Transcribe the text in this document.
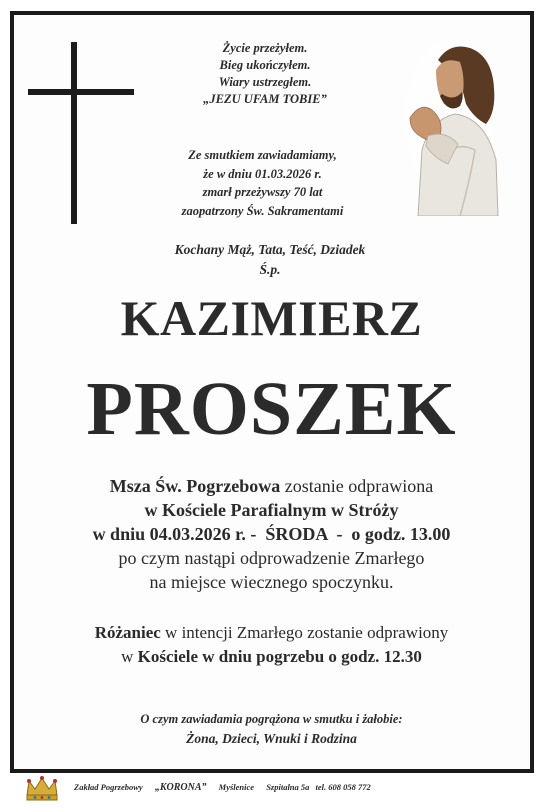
Życie przeżyłem.
Bieg ukończyłem.
Wiary ustrzegłem.
„JEZU UFAM TOBIE”
Ze smutkiem zawiadamiamy,
że w dniu 01.03.2026 r.
zmarł przeżywszy 70 lat
zaopatrzony Św. Sakramentami
Kochany Mąż, Tata, Teść, Dziadek
Ś.p.
KAZIMIERZ
PROSZEK
Msza Św. Pogrzebowa zostanie odprawiona
w Kościele Parafialnym w Stróży
w dniu 04.03.2026 r. -  ŚRODA  -  o godz. 13.00
po czym nastąpi odprowadzenie Zmarłego
na miejsce wiecznego spoczynku.
Różaniec w intencji Zmarłego zostanie odprawiony
w Kościele w dniu pogrzebu o godz. 12.30
O czym zawiadamia pogrążona w smutku i żałobie:
Żona, Dzieci, Wnuki i Rodzina
Zakład Pogrzebowy „KORONA” Myślenice Szpitalna 5a tel. 608 058 772
